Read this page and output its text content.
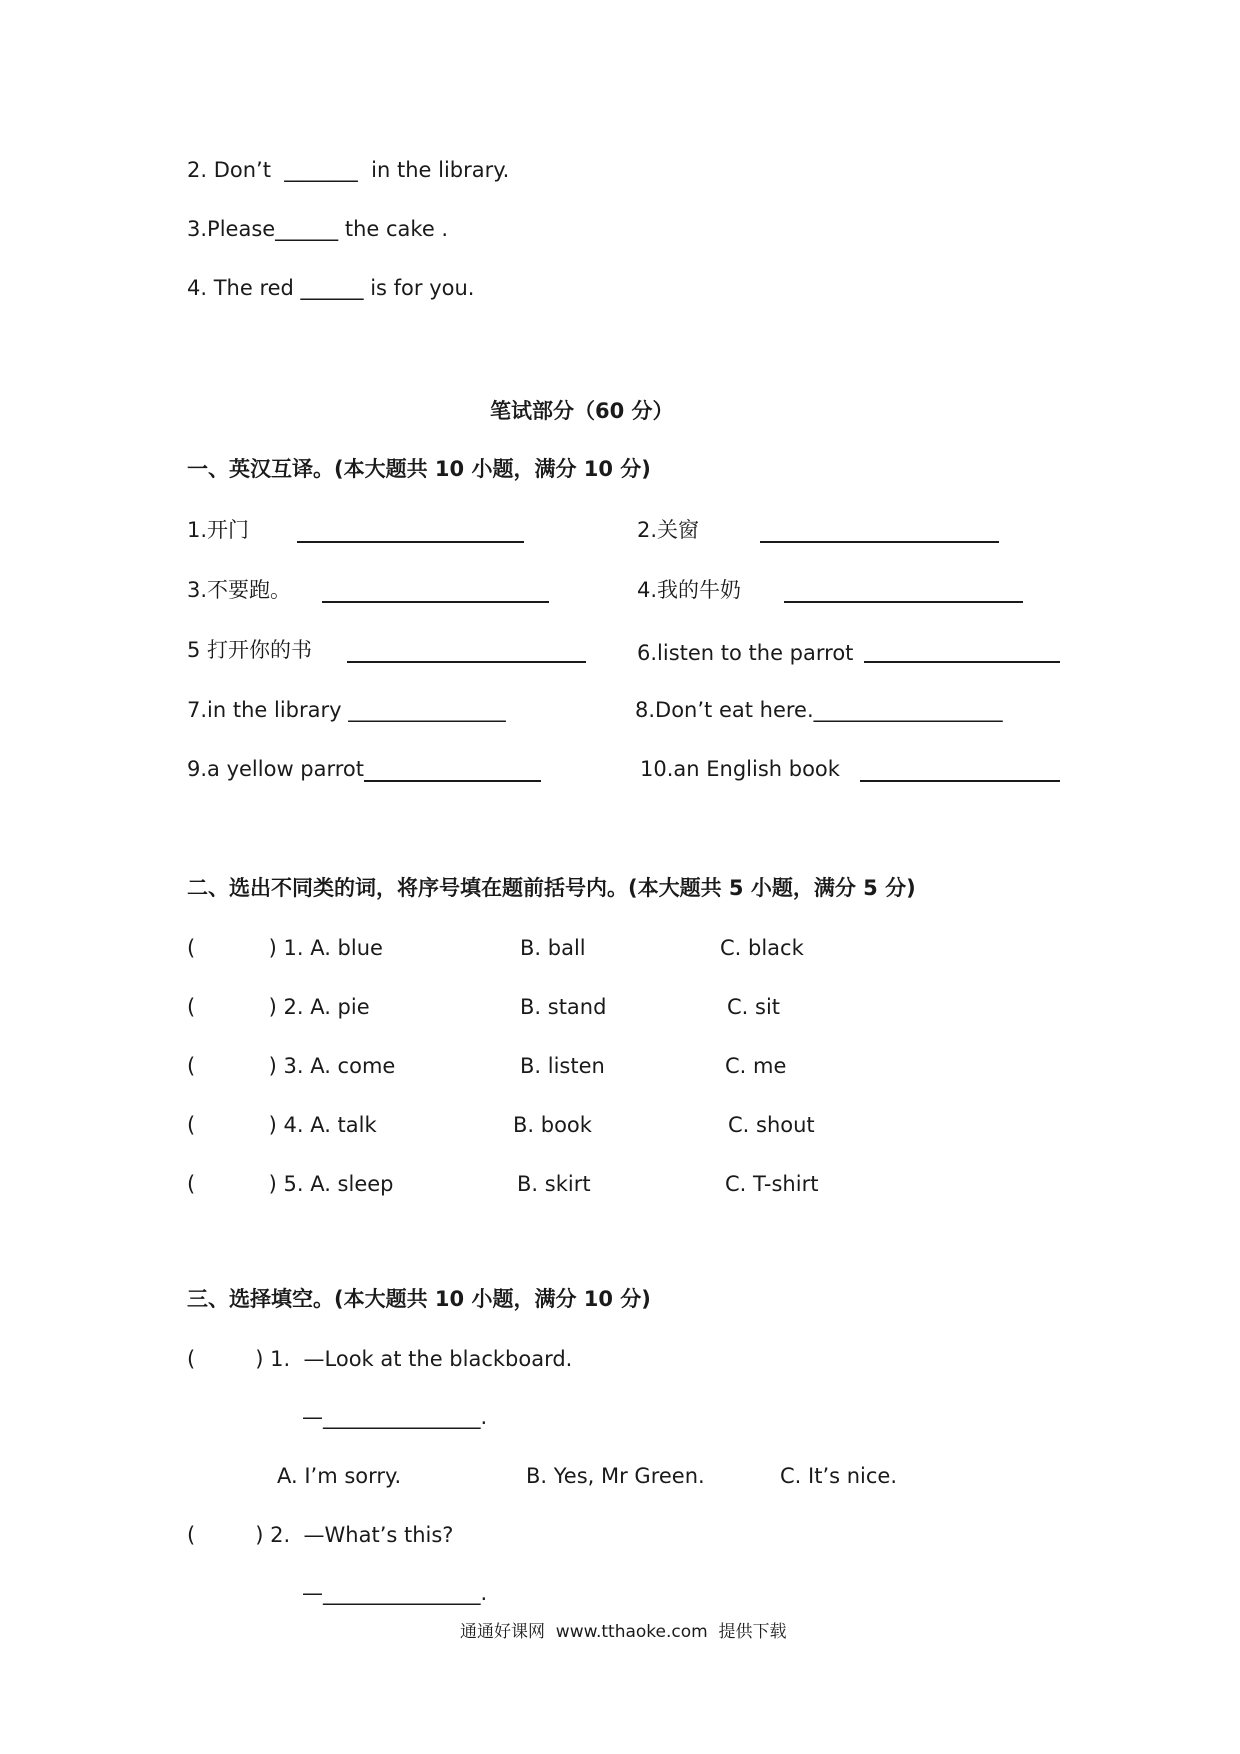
2. Don’t  _______  in the library.
3.Please______ the cake .
4. The red ______ is for you.
笔试部分（60 分）
一、英汉互译。(本大题共 10 小题，满分 10 分)
1.开门	2.关窗
3.不要跑。	4.我的牛奶
5 打开你的书	6.listen to the parrot
7.in the library _______________	8.Don’t eat here.__________________
9.a yellow parrot	10.an English book
二、选出不同类的词，将序号填在题前括号内。(本大题共 5 小题，满分 5 分)
(           ) 1. A. blue	B. ball	C. black
(           ) 2. A. pie	B. stand	C. sit
(           ) 3. A. come	B. listen	C. me
(           ) 4. A. talk	B. book	C. shout
(           ) 5. A. sleep	B. skirt	C. T-shirt
三、选择填空。(本大题共 10 小题，满分 10 分)
(         ) 1.  —Look at the blackboard.
—_______________.
A. I’m sorry.	B. Yes, Mr Green.	C. It’s nice.
(         ) 2.  —What’s this?
—_______________.
通通好课网  www.tthaoke.com  提供下载
